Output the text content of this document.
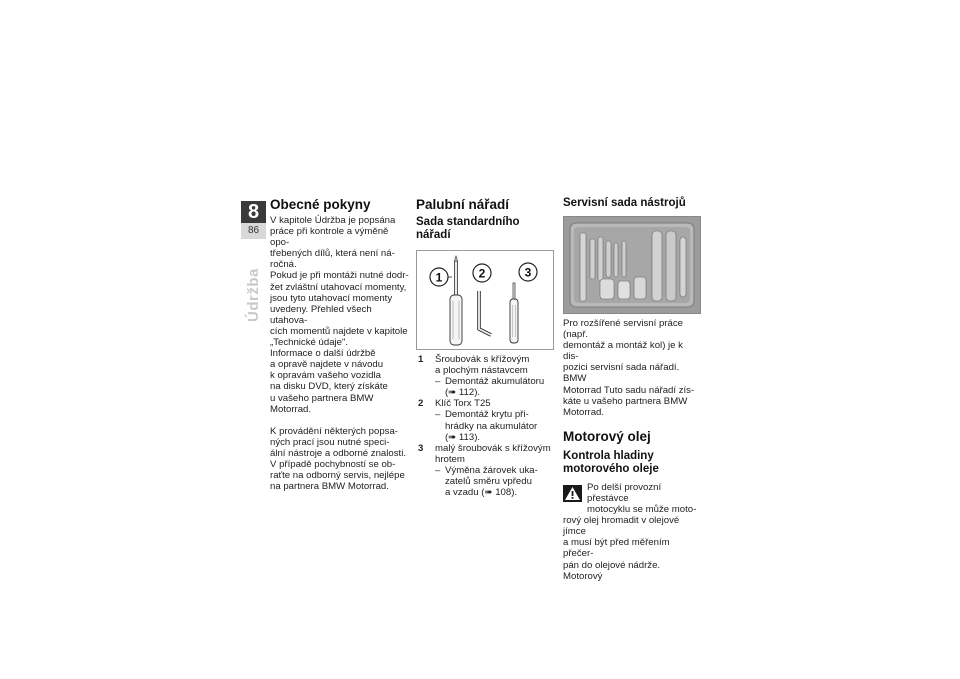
8
86
Údržba
Obecné pokyny

V kapitole Údržba je popsána
práce při kontrole a výměně opo-
třebených dílů, která není ná-
ročná.

Pokud je při montáži nutné dodr-
žet zvláštní utahovací momenty,
jsou tyto utahovací momenty
uvedeny. Přehled všech utahova-
cích momentů najdete v kapitole
„Technické údaje".

Informace o další údržbě
a opravě najdete v návodu
k opravám vašeho vozidla
na disku DVD, který získáte
u vašeho partnera BMW
Motorrad.

K provádění některých popsa-
ných prací jsou nutné speci-
ální nástroje a odborné znalosti.
V případě pochybností se ob-
raťte na odborný servis, nejlépe
na partnera BMW Motorrad.

Palubní nářadí
Sada standardního nářadí
1	2	3
1 Šroubovák s křížovým
a plochým nástavcem
– Demontáž akumulátoru
(➠ 112).
2 Klíč Torx T25
– Demontáž krytu při-
hrádky na akumulátor
(➠ 113).
3 malý šroubovák s křížovým
hrotem
– Výměna žárovek uka-
zatelů směru vpředu
a vzadu (➠ 108).
Servisní sada nástrojů

Pro rozšířené servisní práce (např.
demontáž a montáž kol) je k dis-
pozici servisní sada nářadí. BMW
Motorrad Tuto sadu nářadí zís-
káte u vašeho partnera BMW
Motorrad.

Motorový olej
Kontrola hladiny
motorového oleje

Po delší provozní přestávce

motocyklu se může moto-

rový olej hromadit v olejové jímce

a musí být před měřením přečer-

pán do olejové nádrže. Motorový
